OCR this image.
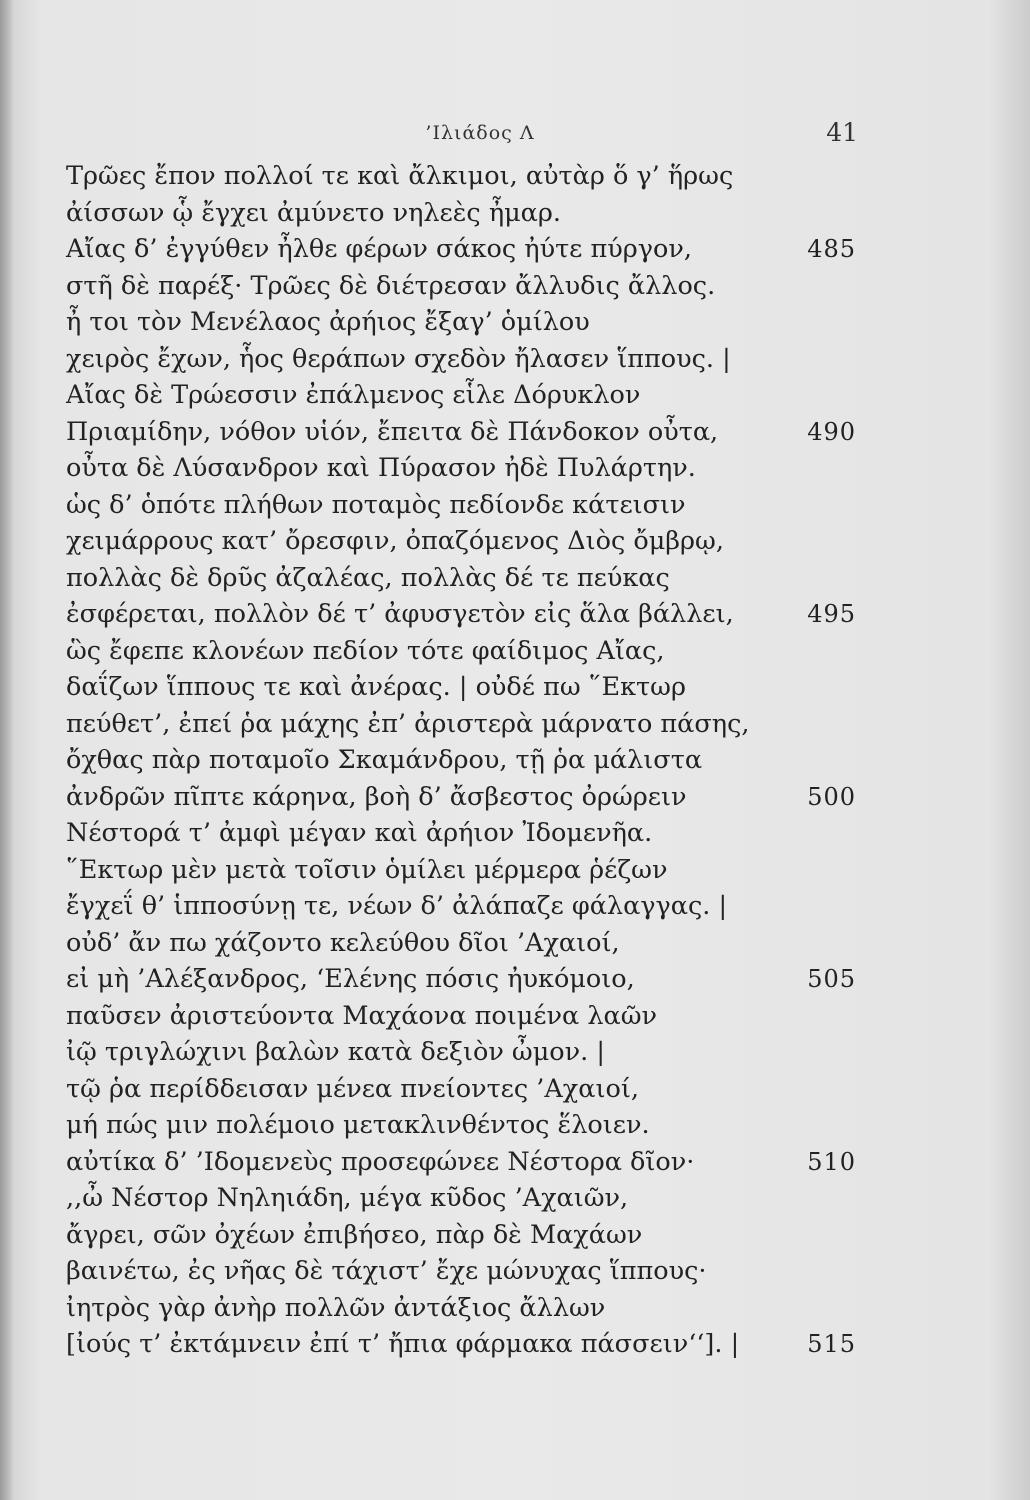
’Ιλιάδος Λ	41
Τρῶες ἔπον πολλοί τε καὶ ἄλκιμοι, αὐτὰρ ὅ γ’ ἥρως
ἀίσσων ᾧ ἔγχει ἀμύνετο νηλεὲς ἦμαρ.
Αἴας δ’ ἐγγύθεν ἦλθε φέρων σάκος ἠύτε πύργον,	485
στῆ δὲ παρέξ· Τρῶες δὲ διέτρεσαν ἄλλυδις ἄλλος.
ἦ τοι τὸν Μενέλαος ἀρήιος ἔξαγ’ ὁμίλου
χειρὸς ἔχων, ἧος θεράπων σχεδὸν ἤλασεν ἵππους. |
Αἴας δὲ Τρώεσσιν ἐπάλμενος εἷλε Δόρυκλον
Πριαμίδην, νόθον υἱόν, ἔπειτα δὲ Πάνδοκον οὖτα,	490
οὖτα δὲ Λύσανδρον καὶ Πύρασον ἠδὲ Πυλάρτην.
ὡς δ’ ὁπότε πλήθων ποταμὸς πεδίονδε κάτεισιν
χειμάρρους κατ’ ὄρεσφιν, ὀπαζόμενος Διὸς ὄμβρῳ,
πολλὰς δὲ δρῦς ἀζαλέας, πολλὰς δέ τε πεύκας
ἐσφέρεται, πολλὸν δέ τ’ ἀφυσγετὸν εἰς ἅλα βάλλει,	495
ὣς ἔφεπε κλονέων πεδίον τότε φαίδιμος Αἴας,
δαΐζων ἵππους τε καὶ ἀνέρας. | οὐδέ πω ῞Εκτωρ
πεύθετ’, ἐπεί ῥα μάχης ἐπ’ ἀριστερὰ μάρνατο πάσης,
ὄχθας πὰρ ποταμοῖο Σκαμάνδρου, τῇ ῥα μάλιστα
ἀνδρῶν πῖπτε κάρηνα, βοὴ δ’ ἄσβεστος ὀρώρειν	500
Νέστορά τ’ ἀμφὶ μέγαν καὶ ἀρήιον Ἰδομενῆα.
῞Εκτωρ μὲν μετὰ τοῖσιν ὁμίλει μέρμερα ῥέζων
ἔγχεΐ θ’ ἱπποσύνῃ τε, νέων δ’ ἀλάπαζε φάλαγγας. |
οὐδ’ ἄν πω χάζοντο κελεύθου δῖοι ’Αχαιοί,
εἰ μὴ ’Αλέξανδρος, ‘Ελένης πόσις ἠυκόμοιο,	505
παῦσεν ἀριστεύοντα Μαχάονα ποιμένα λαῶν
ἰῷ τριγλώχινι βαλὼν κατὰ δεξιὸν ὦμον. |
τῷ ῥα περίδδεισαν μένεα πνείοντες ’Αχαιοί,
μή πώς μιν πολέμοιο μετακλινθέντος ἕλοιεν.
αὐτίκα δ’ ’Ιδομενεὺς προσεφώνεε Νέστορα δῖον·	510
,,ὦ Νέστορ Νηληιάδη, μέγα κῦδος ’Αχαιῶν,
ἄγρει, σῶν ὀχέων ἐπιβήσεο, πὰρ δὲ Μαχάων
βαινέτω, ἐς νῆας δὲ τάχιστ’ ἔχε μώνυχας ἵππους·
ἰητρὸς γὰρ ἀνὴρ πολλῶν ἀντάξιος ἄλλων
[ἰούς τ’ ἐκτάμνειν ἐπί τ’ ἤπια φάρμακα πάσσειν‘‘]. |	515
